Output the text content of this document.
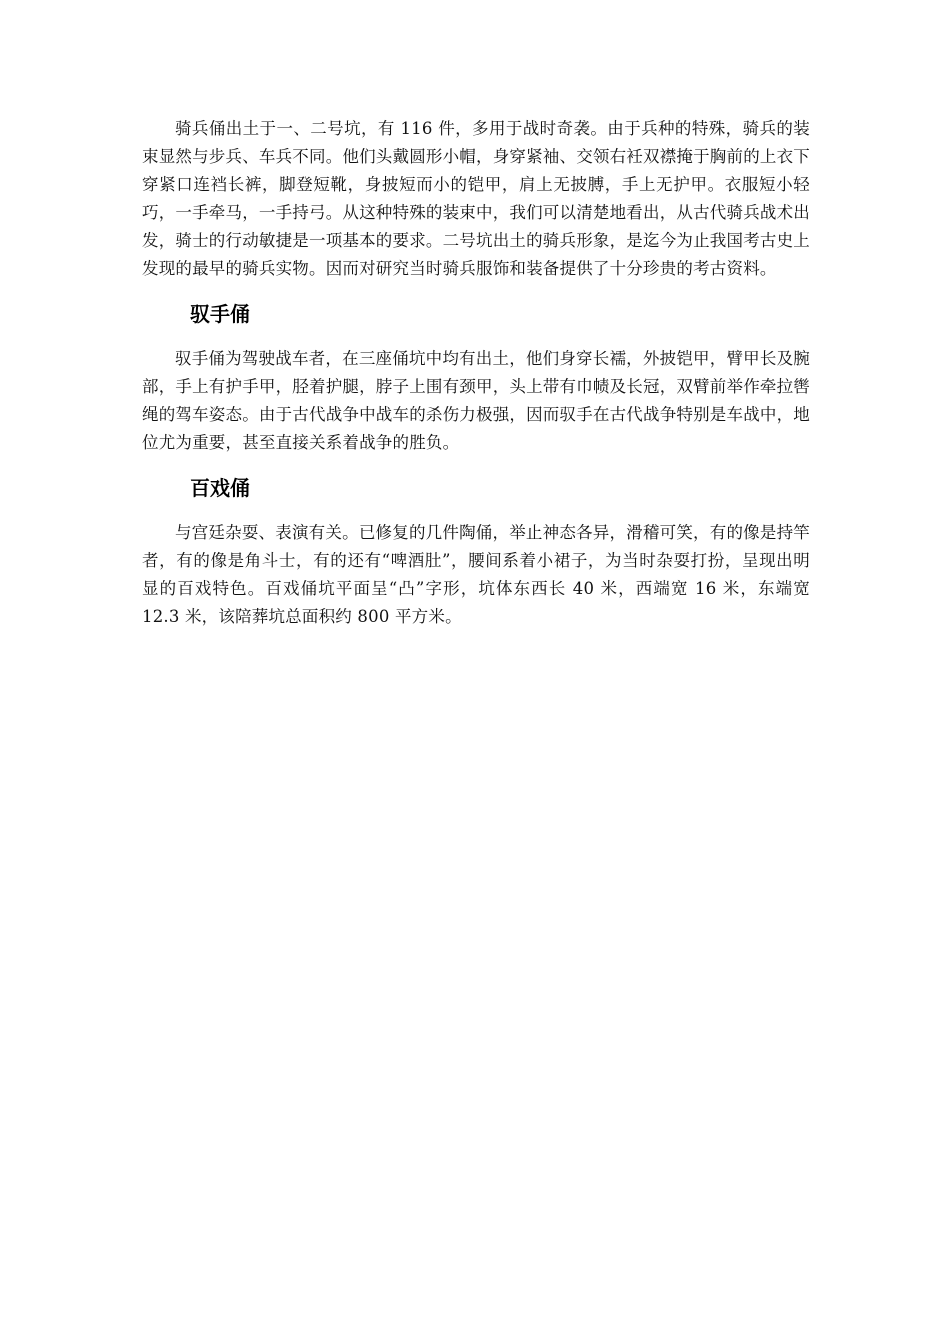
骑兵俑出土于一、二号坑，有 116 件，多用于战时奇袭。由于兵种的特殊，骑兵的装束显然与步兵、车兵不同。他们头戴圆形小帽，身穿紧袖、交领右衽双襟掩于胸前的上衣下穿紧口连裆长裤，脚登短靴，身披短而小的铠甲，肩上无披膊，手上无护甲。衣服短小轻巧，一手牵马，一手持弓。从这种特殊的装束中，我们可以清楚地看出，从古代骑兵战术出发，骑士的行动敏捷是一项基本的要求。二号坑出土的骑兵形象，是迄今为止我国考古史上发现的最早的骑兵实物。因而对研究当时骑兵服饰和装备提供了十分珍贵的考古资料。

驭手俑

驭手俑为驾驶战车者，在三座俑坑中均有出土，他们身穿长襦，外披铠甲，臂甲长及腕部，手上有护手甲，胫着护腿，脖子上围有颈甲，头上带有巾帻及长冠，双臂前举作牵拉辔绳的驾车姿态。由于古代战争中战车的杀伤力极强，因而驭手在古代战争特别是车战中，地位尤为重要，甚至直接关系着战争的胜负。

百戏俑

与宫廷杂耍、表演有关。已修复的几件陶俑，举止神态各异，滑稽可笑，有的像是持竿者，有的像是角斗士，有的还有“啤酒肚”，腰间系着小裙子，为当时杂耍打扮，呈现出明显的百戏特色。百戏俑坑平面呈“凸”字形，坑体东西长 40 米，西端宽 16 米，东端宽 12.3 米，该陪葬坑总面积约 800 平方米。
